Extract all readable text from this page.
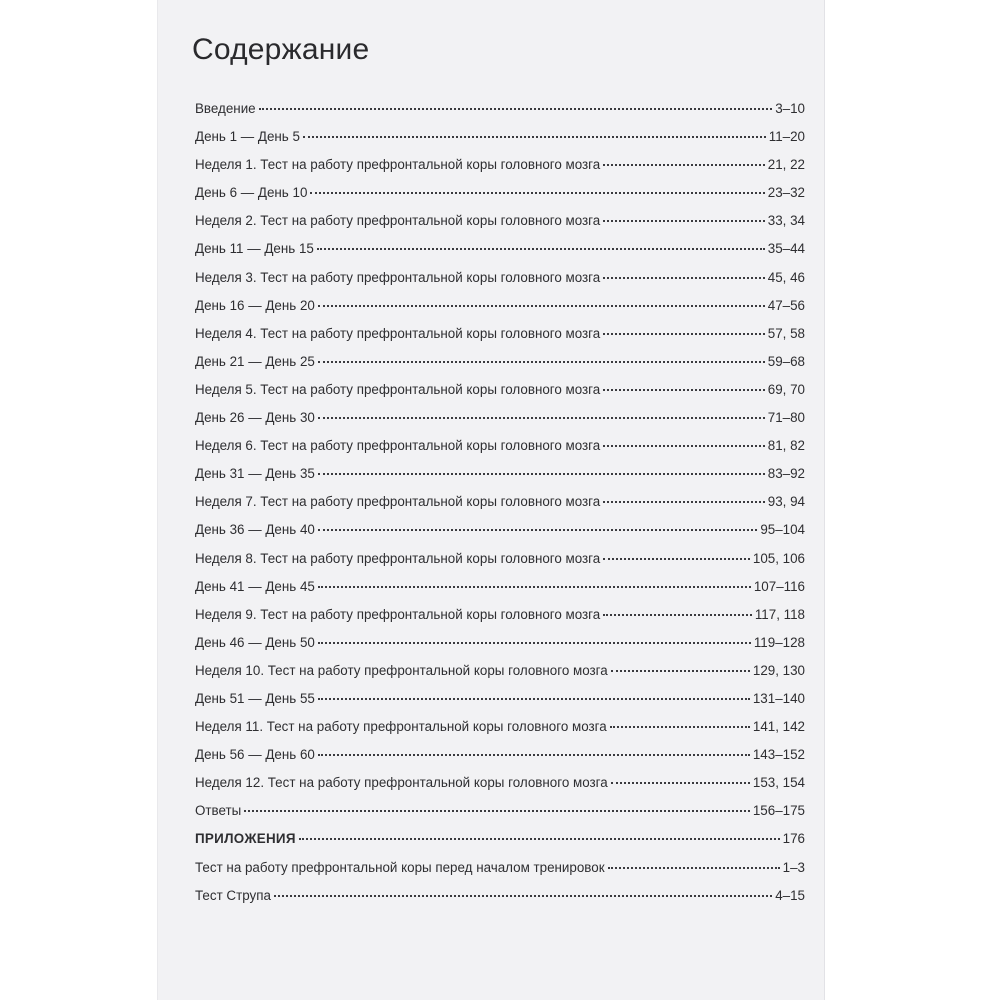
Содержание
Введение	3–10
День 1 — День 5	11–20
Неделя 1. Тест на работу префронтальной коры головного мозга	21, 22
День 6 — День 10	23–32
Неделя 2. Тест на работу префронтальной коры головного мозга	33, 34
День 11 — День 15	35–44
Неделя 3. Тест на работу префронтальной коры головного мозга	45, 46
День 16 — День 20	47–56
Неделя 4. Тест на работу префронтальной коры головного мозга	57, 58
День 21 — День 25	59–68
Неделя 5. Тест на работу префронтальной коры головного мозга	69, 70
День 26 — День 30	71–80
Неделя 6. Тест на работу префронтальной коры головного мозга	81, 82
День 31 — День 35	83–92
Неделя 7. Тест на работу префронтальной коры головного мозга	93, 94
День 36 — День 40	95–104
Неделя 8. Тест на работу префронтальной коры головного мозга	105, 106
День 41 — День 45	107–116
Неделя 9. Тест на работу префронтальной коры головного мозга	117, 118
День 46 — День 50	119–128
Неделя 10. Тест на работу префронтальной коры головного мозга	129, 130
День 51 — День 55	131–140
Неделя 11. Тест на работу префронтальной коры головного мозга	141, 142
День 56 — День 60	143–152
Неделя 12. Тест на работу префронтальной коры головного мозга	153, 154
Ответы	156–175
ПРИЛОЖЕНИЯ	176
Тест на работу префронтальной коры перед началом тренировок	1–3
Тест Струпа	4–15
